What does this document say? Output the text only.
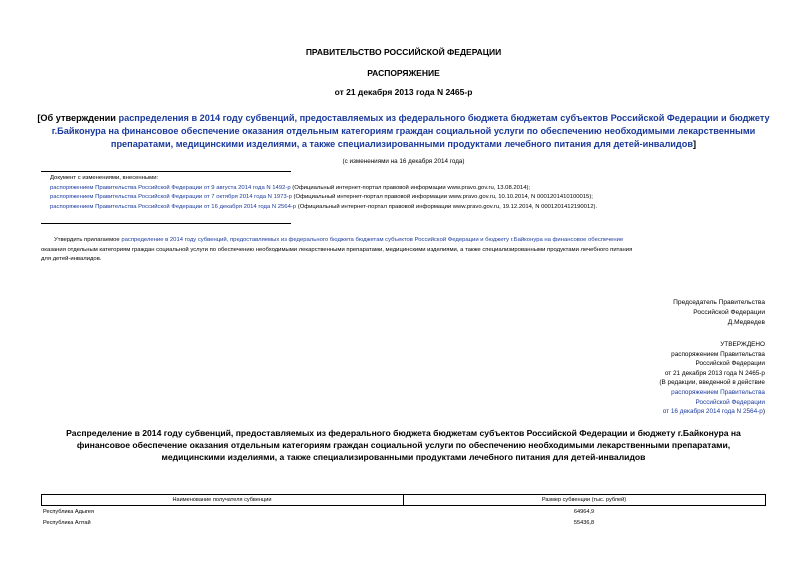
ПРАВИТЕЛЬСТВО РОССИЙСКОЙ ФЕДЕРАЦИИ
РАСПОРЯЖЕНИЕ
от 21 декабря 2013 года N 2465-р
[Об утверждении распределения в 2014 году субвенций, предоставляемых из федерального бюджета бюджетам субъектов Российской Федерации и бюджету
г.Байконура на финансовое обеспечение оказания отдельным категориям граждан социальной услуги по обеспечению необходимыми лекарственными
препаратами, медицинскими изделиями, а также специализированными продуктами лечебного питания для детей-инвалидов]
(с изменениями на 16 декабря 2014 года)
Документ с изменениями, внесенными:
распоряжением Правительства Российской Федерации от 9 августа 2014 года N 1492-р (Официальный интернет-портал правовой информации www.pravo.gov.ru, 13.08.2014);
распоряжением Правительства Российской Федерации от 7 октября 2014 года N 1973-р (Официальный интернет-портал правовой информации www.pravo.gov.ru, 10.10.2014, N 0001201410100015);
распоряжением Правительства Российской Федерации от 16 декабря 2014 года N 2564-р (Официальный интернет-портал правовой информации www.pravo.gov.ru, 19.12.2014, N 0001201412190012).
Утвердить прилагаемое распределение в 2014 году субвенций, предоставляемых из федерального бюджета бюджетам субъектов Российской Федерации и бюджету г.Байконура на финансовое обеспечение
оказания отдельным категориям граждан социальной услуги по обеспечению необходимыми лекарственными препаратами, медицинскими изделиями, а также специализированными продуктами лечебного питания
для детей-инвалидов.
Председатель Правительства
Российской Федерации
Д.Медведев
УТВЕРЖДЕНО
распоряжением Правительства
Российской Федерации
от 21 декабря 2013 года N 2465-р
(В редакции, введенной в действие
распоряжением Правительства
Российской Федерации
от 16 декабря 2014 года N 2564-р)
Распределение в 2014 году субвенций, предоставляемых из федерального бюджета бюджетам субъектов Российской Федерации и бюджету г.Байконура на
финансовое обеспечение оказания отдельным категориям граждан социальной услуги по обеспечению необходимыми лекарственными препаратами,
медицинскими изделиями, а также специализированными продуктами лечебного питания для детей-инвалидов
Наименование получателя субвенции	Размер субвенции (тыс. рублей)
Республика Адыгея	64964,9
Республика Алтай	55436,8
